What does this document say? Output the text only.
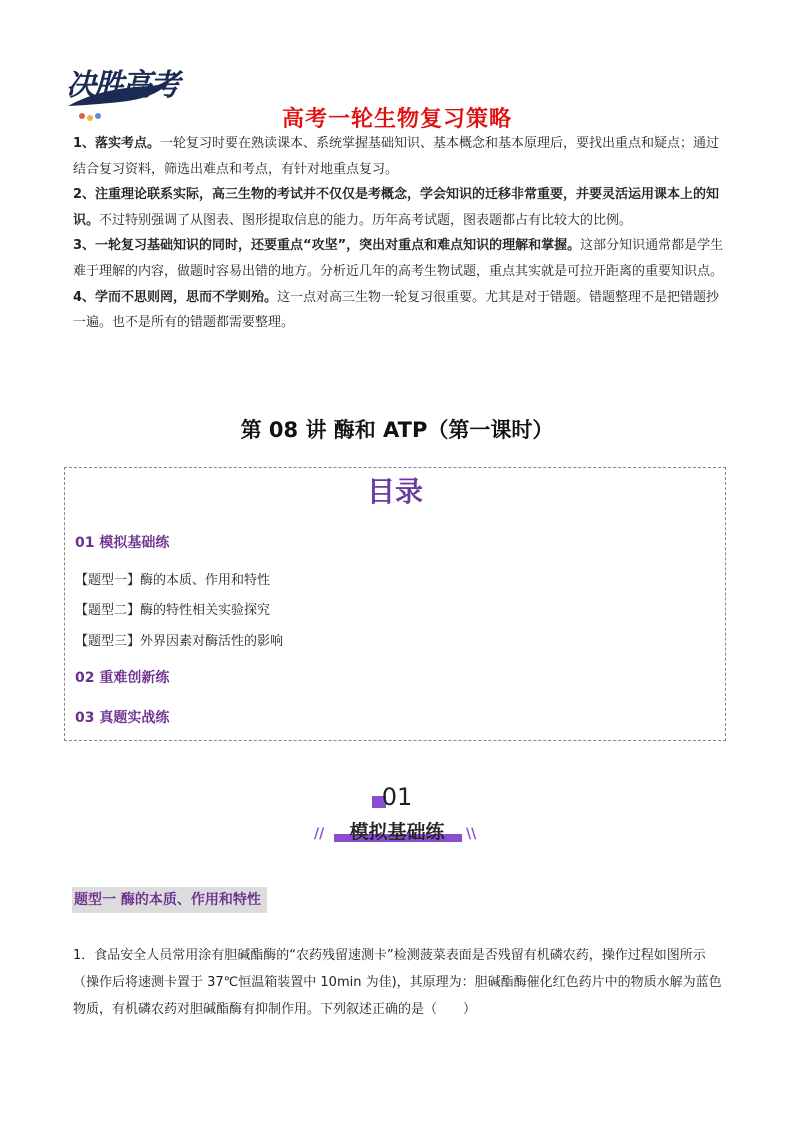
决胜高考
高考一轮生物复习策略

1、落实考点。一轮复习时要在熟读课本、系统掌握基础知识、基本概念和基本原理后，要找出重点和疑点；通过结合复习资料，筛选出难点和考点，有针对地重点复习。

2、注重理论联系实际，高三生物的考试并不仅仅是考概念，学会知识的迁移非常重要，并要灵活运用课本上的知识。不过特别强调了从图表、图形提取信息的能力。历年高考试题，图表题都占有比较大的比例。

3、一轮复习基础知识的同时，还要重点“攻坚”，突出对重点和难点知识的理解和掌握。这部分知识通常都是学生难于理解的内容，做题时容易出错的地方。分析近几年的高考生物试题，重点其实就是可拉开距离的重要知识点。

4、学而不思则罔，思而不学则殆。这一点对高三生物一轮复习很重要。尤其是对于错题。错题整理不是把错题抄一遍。也不是所有的错题都需要整理。

第 08 讲 酶和 ATP（第一课时）
目录
01 模拟基础练
【题型一】酶的本质、作用和特性
【题型二】酶的特性相关实验探究
【题型三】外界因素对酶活性的影响
02 重难创新练
03 真题实战练
01
模拟基础练
//	\\
题型一 酶的本质、作用和特性
1．食品安全人员常用涂有胆碱酯酶的“农药残留速测卡”检测菠菜表面是否残留有机磷农药，操作过程如图所示（操作后将速测卡置于 37℃恒温箱装置中 10min 为佳)，其原理为：胆碱酯酶催化红色药片中的物质水解为蓝色物质，有机磷农药对胆碱酯酶有抑制作用。下列叙述正确的是（　　）
